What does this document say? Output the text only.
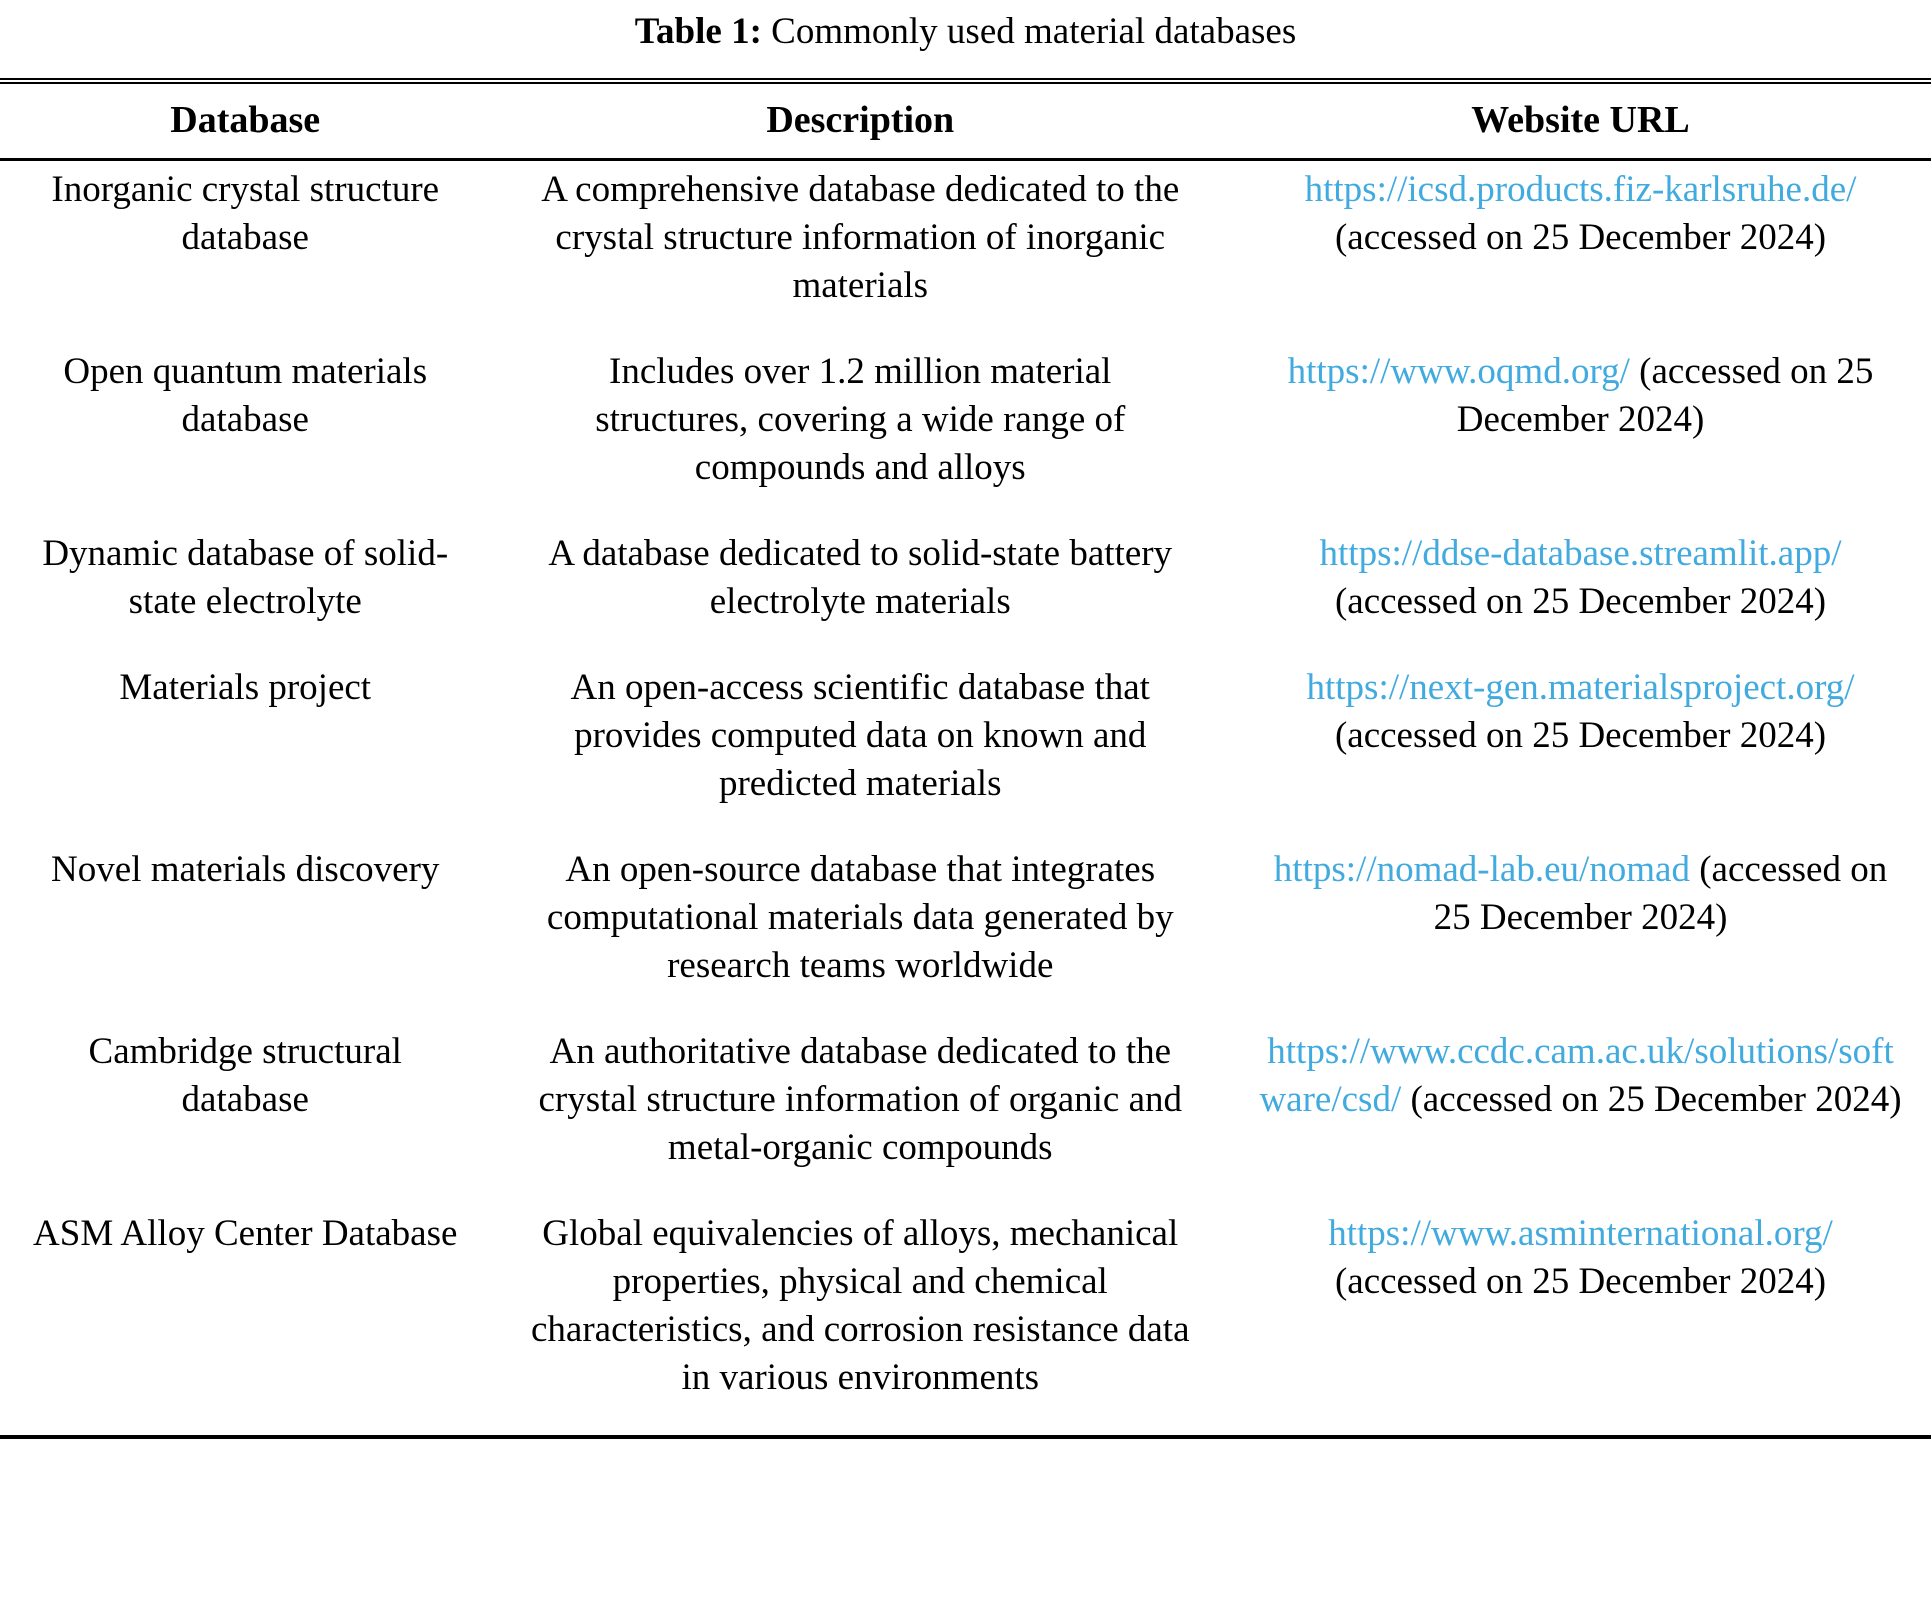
Table 1: Commonly used material databases
Database	Description	Website URL
Inorganic crystal structure database	A comprehensive database dedicated to the crystal structure information of inorganic materials	https://icsd.products.fiz-karlsruhe.de/ (accessed on 25 December 2024)
Open quantum materials database	Includes over 1.2 million material structures, covering a wide range of compounds and alloys	https://www.oqmd.org/ (accessed on 25 December 2024)
Dynamic database of solid-state electrolyte	A database dedicated to solid-state battery electrolyte materials	https://ddse-database.streamlit.app/ (accessed on 25 December 2024)
Materials project	An open-access scientific database that provides computed data on known and predicted materials	https://next-gen.materialsproject.org/ (accessed on 25 December 2024)
Novel materials discovery	An open-source database that integrates computational materials data generated by research teams worldwide	https://nomad-lab.eu/nomad (accessed on 25 December 2024)
Cambridge structural database	An authoritative database dedicated to the crystal structure information of organic and metal-organic compounds	https://www.ccdc.cam.ac.uk/solutions/software/csd/ (accessed on 25 December 2024)
ASM Alloy Center Database	Global equivalencies of alloys, mechanical properties, physical and chemical characteristics, and corrosion resistance data in various environments	https://www.asminternational.org/ (accessed on 25 December 2024)
